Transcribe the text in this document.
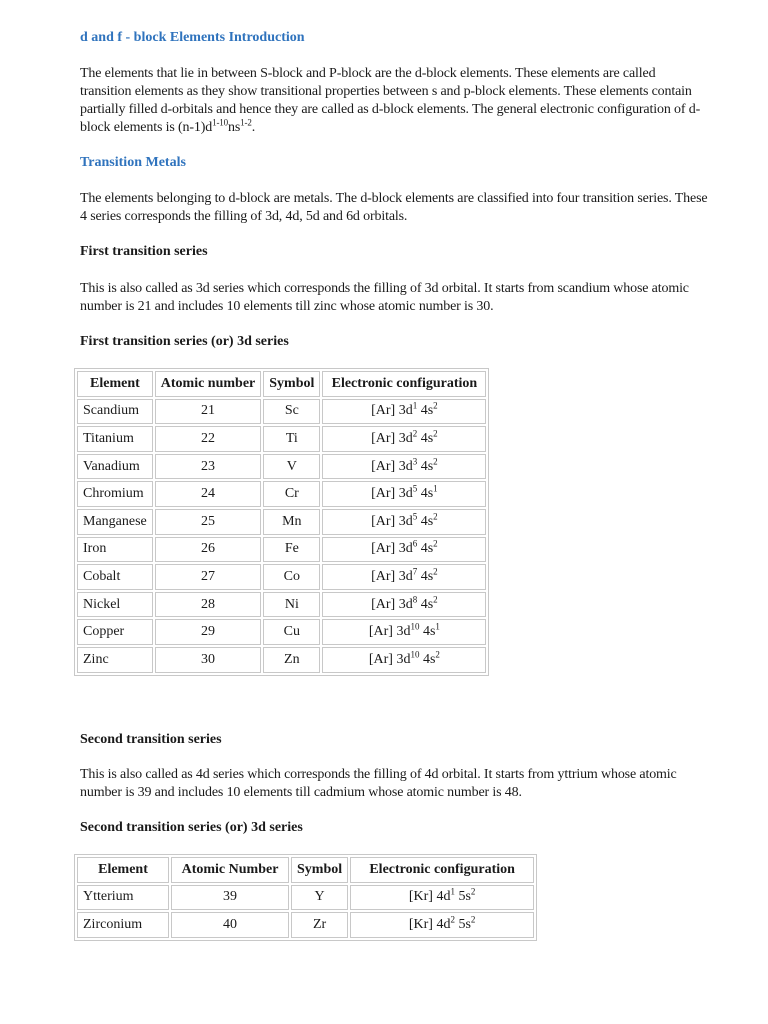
d and f - block Elements Introduction
The elements that lie in between S-block and P-block are the d-block elements. These elements are called transition elements as they show transitional properties between s and p-block elements. These elements contain partially filled d-orbitals and hence they are called as d-block elements. The general electronic configuration of d-block elements is $(n-1)d^{1-10}ns^{1-2}$.
Transition Metals
The elements belonging to d-block are metals. The d-block elements are classified into four transition series. These 4 series corresponds the filling of 3d, 4d, 5d and 6d orbitals.
First transition series
This is also called as 3d series which corresponds the filling of 3d orbital. It starts from scandium whose atomic number is 21 and includes 10 elements till zinc whose atomic number is 30.
First transition series (or) 3d series
Element	Atomic number	Symbol	Electronic configuration
Scandium	21	Sc	[Ar] $3d^1$ $4s^2$
Titanium	22	Ti	[Ar] $3d^2$ $4s^2$
Vanadium	23	V	[Ar] $3d^3$ $4s^2$
Chromium	24	Cr	[Ar] $3d^5$ $4s^1$
Manganese	25	Mn	[Ar] $3d^5$ $4s^2$
Iron	26	Fe	[Ar] $3d^6$ $4s^2$
Cobalt	27	Co	[Ar] $3d^7$ $4s^2$
Nickel	28	Ni	[Ar] $3d^8$ $4s^2$
Copper	29	Cu	[Ar] $3d^{10}$ $4s^1$
Zinc	30	Zn	[Ar] $3d^{10}$ $4s^2$
Second transition series
This is also called as 4d series which corresponds the filling of 4d orbital. It starts from yttrium whose atomic number is 39 and includes 10 elements till cadmium whose atomic number is 48.
Second transition series (or) 3d series
Element	Atomic Number	Symbol	Electronic configuration
Ytterium	39	Y	[Kr] $4d^1$ $5s^2$
Zirconium	40	Zr	[Kr] $4d^2$ $5s^2$
